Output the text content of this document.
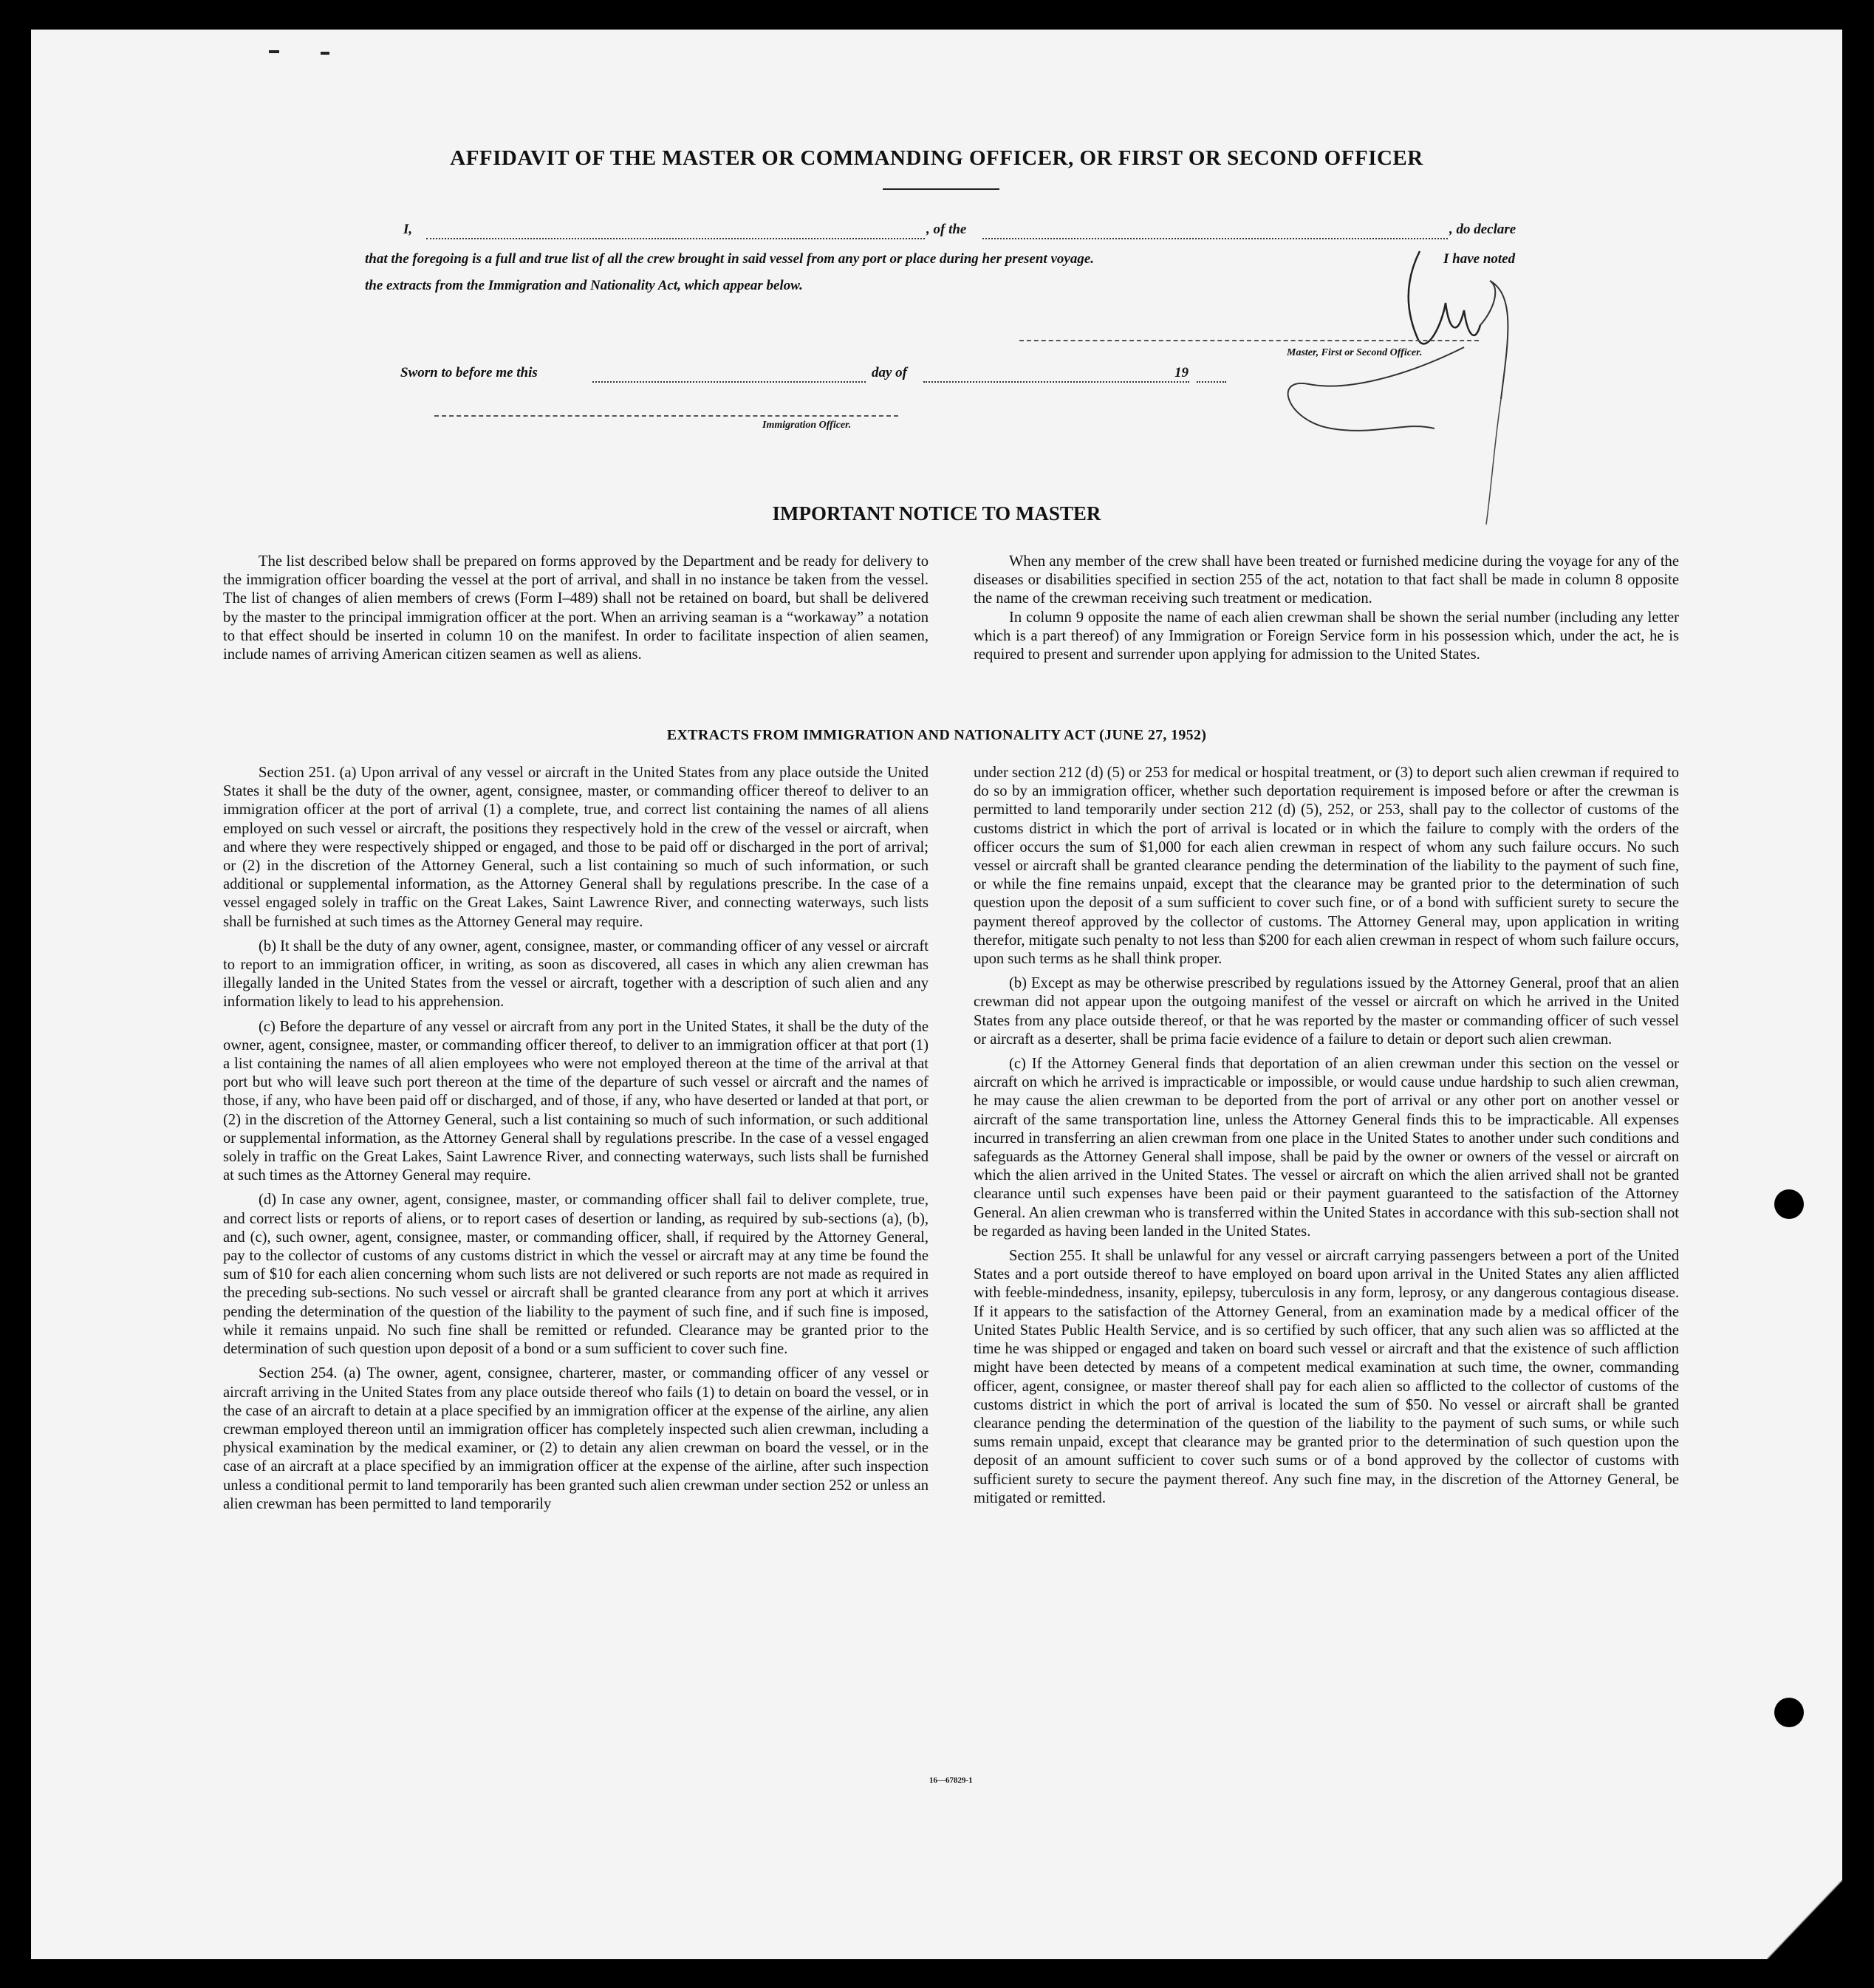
AFFIDAVIT OF THE MASTER OR COMMANDING OFFICER, OR FIRST OR SECOND OFFICER
I,	, of the	, do declare
that the foregoing is a full and true list of all the crew brought in said vessel from any port or place during her present voyage.	I have noted
the extracts from the Immigration and Nationality Act, which appear below.
Master, First or Second Officer.
Sworn to before me this	day of	19
Immigration Officer.
IMPORTANT NOTICE TO MASTER

The list described below shall be prepared on forms approved by the Department and be ready for delivery to the immigration officer boarding the vessel at the port of arrival, and shall in no instance be taken from the vessel. The list of changes of alien members of crews (Form I–489) shall not be retained on board, but shall be delivered by the master to the principal immigration officer at the port. When an arriving seaman is a “workaway” a notation to that effect should be inserted in column 10 on the manifest. In order to facilitate inspection of alien seamen, include names of arriving American citizen seamen as well as aliens.

When any member of the crew shall have been treated or furnished medicine during the voyage for any of the diseases or disabilities specified in section 255 of the act, notation to that fact shall be made in column 8 opposite the name of the crewman receiving such treatment or medication.

In column 9 opposite the name of each alien crewman shall be shown the serial number (including any letter which is a part thereof) of any Immigration or Foreign Service form in his possession which, under the act, he is required to present and surrender upon applying for admission to the United States.

EXTRACTS FROM IMMIGRATION AND NATIONALITY ACT (JUNE 27, 1952)

Section 251. (a) Upon arrival of any vessel or aircraft in the United States from any place outside the United States it shall be the duty of the owner, agent, consignee, master, or commanding officer thereof to deliver to an immigration officer at the port of arrival (1) a complete, true, and correct list containing the names of all aliens employed on such vessel or aircraft, the positions they respectively hold in the crew of the vessel or aircraft, when and where they were respectively shipped or engaged, and those to be paid off or discharged in the port of arrival; or (2) in the discretion of the Attorney General, such a list containing so much of such information, or such additional or supplemental information, as the Attorney General shall by regulations prescribe. In the case of a vessel engaged solely in traffic on the Great Lakes, Saint Lawrence River, and connecting waterways, such lists shall be furnished at such times as the Attorney General may require.

(b) It shall be the duty of any owner, agent, consignee, master, or commanding officer of any vessel or aircraft to report to an immigration officer, in writing, as soon as discovered, all cases in which any alien crewman has illegally landed in the United States from the vessel or aircraft, together with a description of such alien and any information likely to lead to his apprehension.

(c) Before the departure of any vessel or aircraft from any port in the United States, it shall be the duty of the owner, agent, consignee, master, or commanding officer thereof, to deliver to an immigration officer at that port (1) a list containing the names of all alien employees who were not employed thereon at the time of the arrival at that port but who will leave such port thereon at the time of the departure of such vessel or aircraft and the names of those, if any, who have been paid off or discharged, and of those, if any, who have deserted or landed at that port, or (2) in the discretion of the Attorney General, such a list containing so much of such information, or such additional or supplemental information, as the Attorney General shall by regulations prescribe. In the case of a vessel engaged solely in traffic on the Great Lakes, Saint Lawrence River, and connecting waterways, such lists shall be furnished at such times as the Attorney General may require.

(d) In case any owner, agent, consignee, master, or commanding officer shall fail to deliver complete, true, and correct lists or reports of aliens, or to report cases of desertion or landing, as required by sub-sections (a), (b), and (c), such owner, agent, consignee, master, or commanding officer, shall, if required by the Attorney General, pay to the collector of customs of any customs district in which the vessel or aircraft may at any time be found the sum of $10 for each alien concerning whom such lists are not delivered or such reports are not made as required in the preceding sub-sections. No such vessel or aircraft shall be granted clearance from any port at which it arrives pending the determination of the question of the liability to the payment of such fine, and if such fine is imposed, while it remains unpaid. No such fine shall be remitted or refunded. Clearance may be granted prior to the determination of such question upon deposit of a bond or a sum sufficient to cover such fine.

Section 254. (a) The owner, agent, consignee, charterer, master, or commanding officer of any vessel or aircraft arriving in the United States from any place outside thereof who fails (1) to detain on board the vessel, or in the case of an aircraft to detain at a place specified by an immigration officer at the expense of the airline, any alien crewman employed thereon until an immigration officer has completely inspected such alien crewman, including a physical examination by the medical examiner, or (2) to detain any alien crewman on board the vessel, or in the case of an aircraft at a place specified by an immigration officer at the expense of the airline, after such inspection unless a conditional permit to land temporarily has been granted such alien crewman under section 252 or unless an alien crewman has been permitted to land temporarily

under section 212 (d) (5) or 253 for medical or hospital treatment, or (3) to deport such alien crewman if required to do so by an immigration officer, whether such deportation requirement is imposed before or after the crewman is permitted to land temporarily under section 212 (d) (5), 252, or 253, shall pay to the collector of customs of the customs district in which the port of arrival is located or in which the failure to comply with the orders of the officer occurs the sum of $1,000 for each alien crewman in respect of whom any such failure occurs. No such vessel or aircraft shall be granted clearance pending the determination of the liability to the payment of such fine, or while the fine remains unpaid, except that the clearance may be granted prior to the determination of such question upon the deposit of a sum sufficient to cover such fine, or of a bond with sufficient surety to secure the payment thereof approved by the collector of customs. The Attorney General may, upon application in writing therefor, mitigate such penalty to not less than $200 for each alien crewman in respect of whom such failure occurs, upon such terms as he shall think proper.

(b) Except as may be otherwise prescribed by regulations issued by the Attorney General, proof that an alien crewman did not appear upon the outgoing manifest of the vessel or aircraft on which he arrived in the United States from any place outside thereof, or that he was reported by the master or commanding officer of such vessel or aircraft as a deserter, shall be prima facie evidence of a failure to detain or deport such alien crewman.

(c) If the Attorney General finds that deportation of an alien crewman under this section on the vessel or aircraft on which he arrived is impracticable or impossible, or would cause undue hardship to such alien crewman, he may cause the alien crewman to be deported from the port of arrival or any other port on another vessel or aircraft of the same transportation line, unless the Attorney General finds this to be impracticable. All expenses incurred in transferring an alien crewman from one place in the United States to another under such conditions and safeguards as the Attorney General shall impose, shall be paid by the owner or owners of the vessel or aircraft on which the alien arrived in the United States. The vessel or aircraft on which the alien arrived shall not be granted clearance until such expenses have been paid or their payment guaranteed to the satisfaction of the Attorney General. An alien crewman who is transferred within the United States in accordance with this sub-section shall not be regarded as having been landed in the United States.

Section 255. It shall be unlawful for any vessel or aircraft carrying passengers between a port of the United States and a port outside thereof to have employed on board upon arrival in the United States any alien afflicted with feeble-mindedness, insanity, epilepsy, tuberculosis in any form, leprosy, or any dangerous contagious disease. If it appears to the satisfaction of the Attorney General, from an examination made by a medical officer of the United States Public Health Service, and is so certified by such officer, that any such alien was so afflicted at the time he was shipped or engaged and taken on board such vessel or aircraft and that the existence of such affliction might have been detected by means of a competent medical examination at such time, the owner, commanding officer, agent, consignee, or master thereof shall pay for each alien so afflicted to the collector of customs of the customs district in which the port of arrival is located the sum of $50. No vessel or aircraft shall be granted clearance pending the determination of the question of the liability to the payment of such sums, or while such sums remain unpaid, except that clearance may be granted prior to the determination of such question upon the deposit of an amount sufficient to cover such sums or of a bond approved by the collector of customs with sufficient surety to secure the payment thereof. Any such fine may, in the discretion of the Attorney General, be mitigated or remitted.

16—67829-1
